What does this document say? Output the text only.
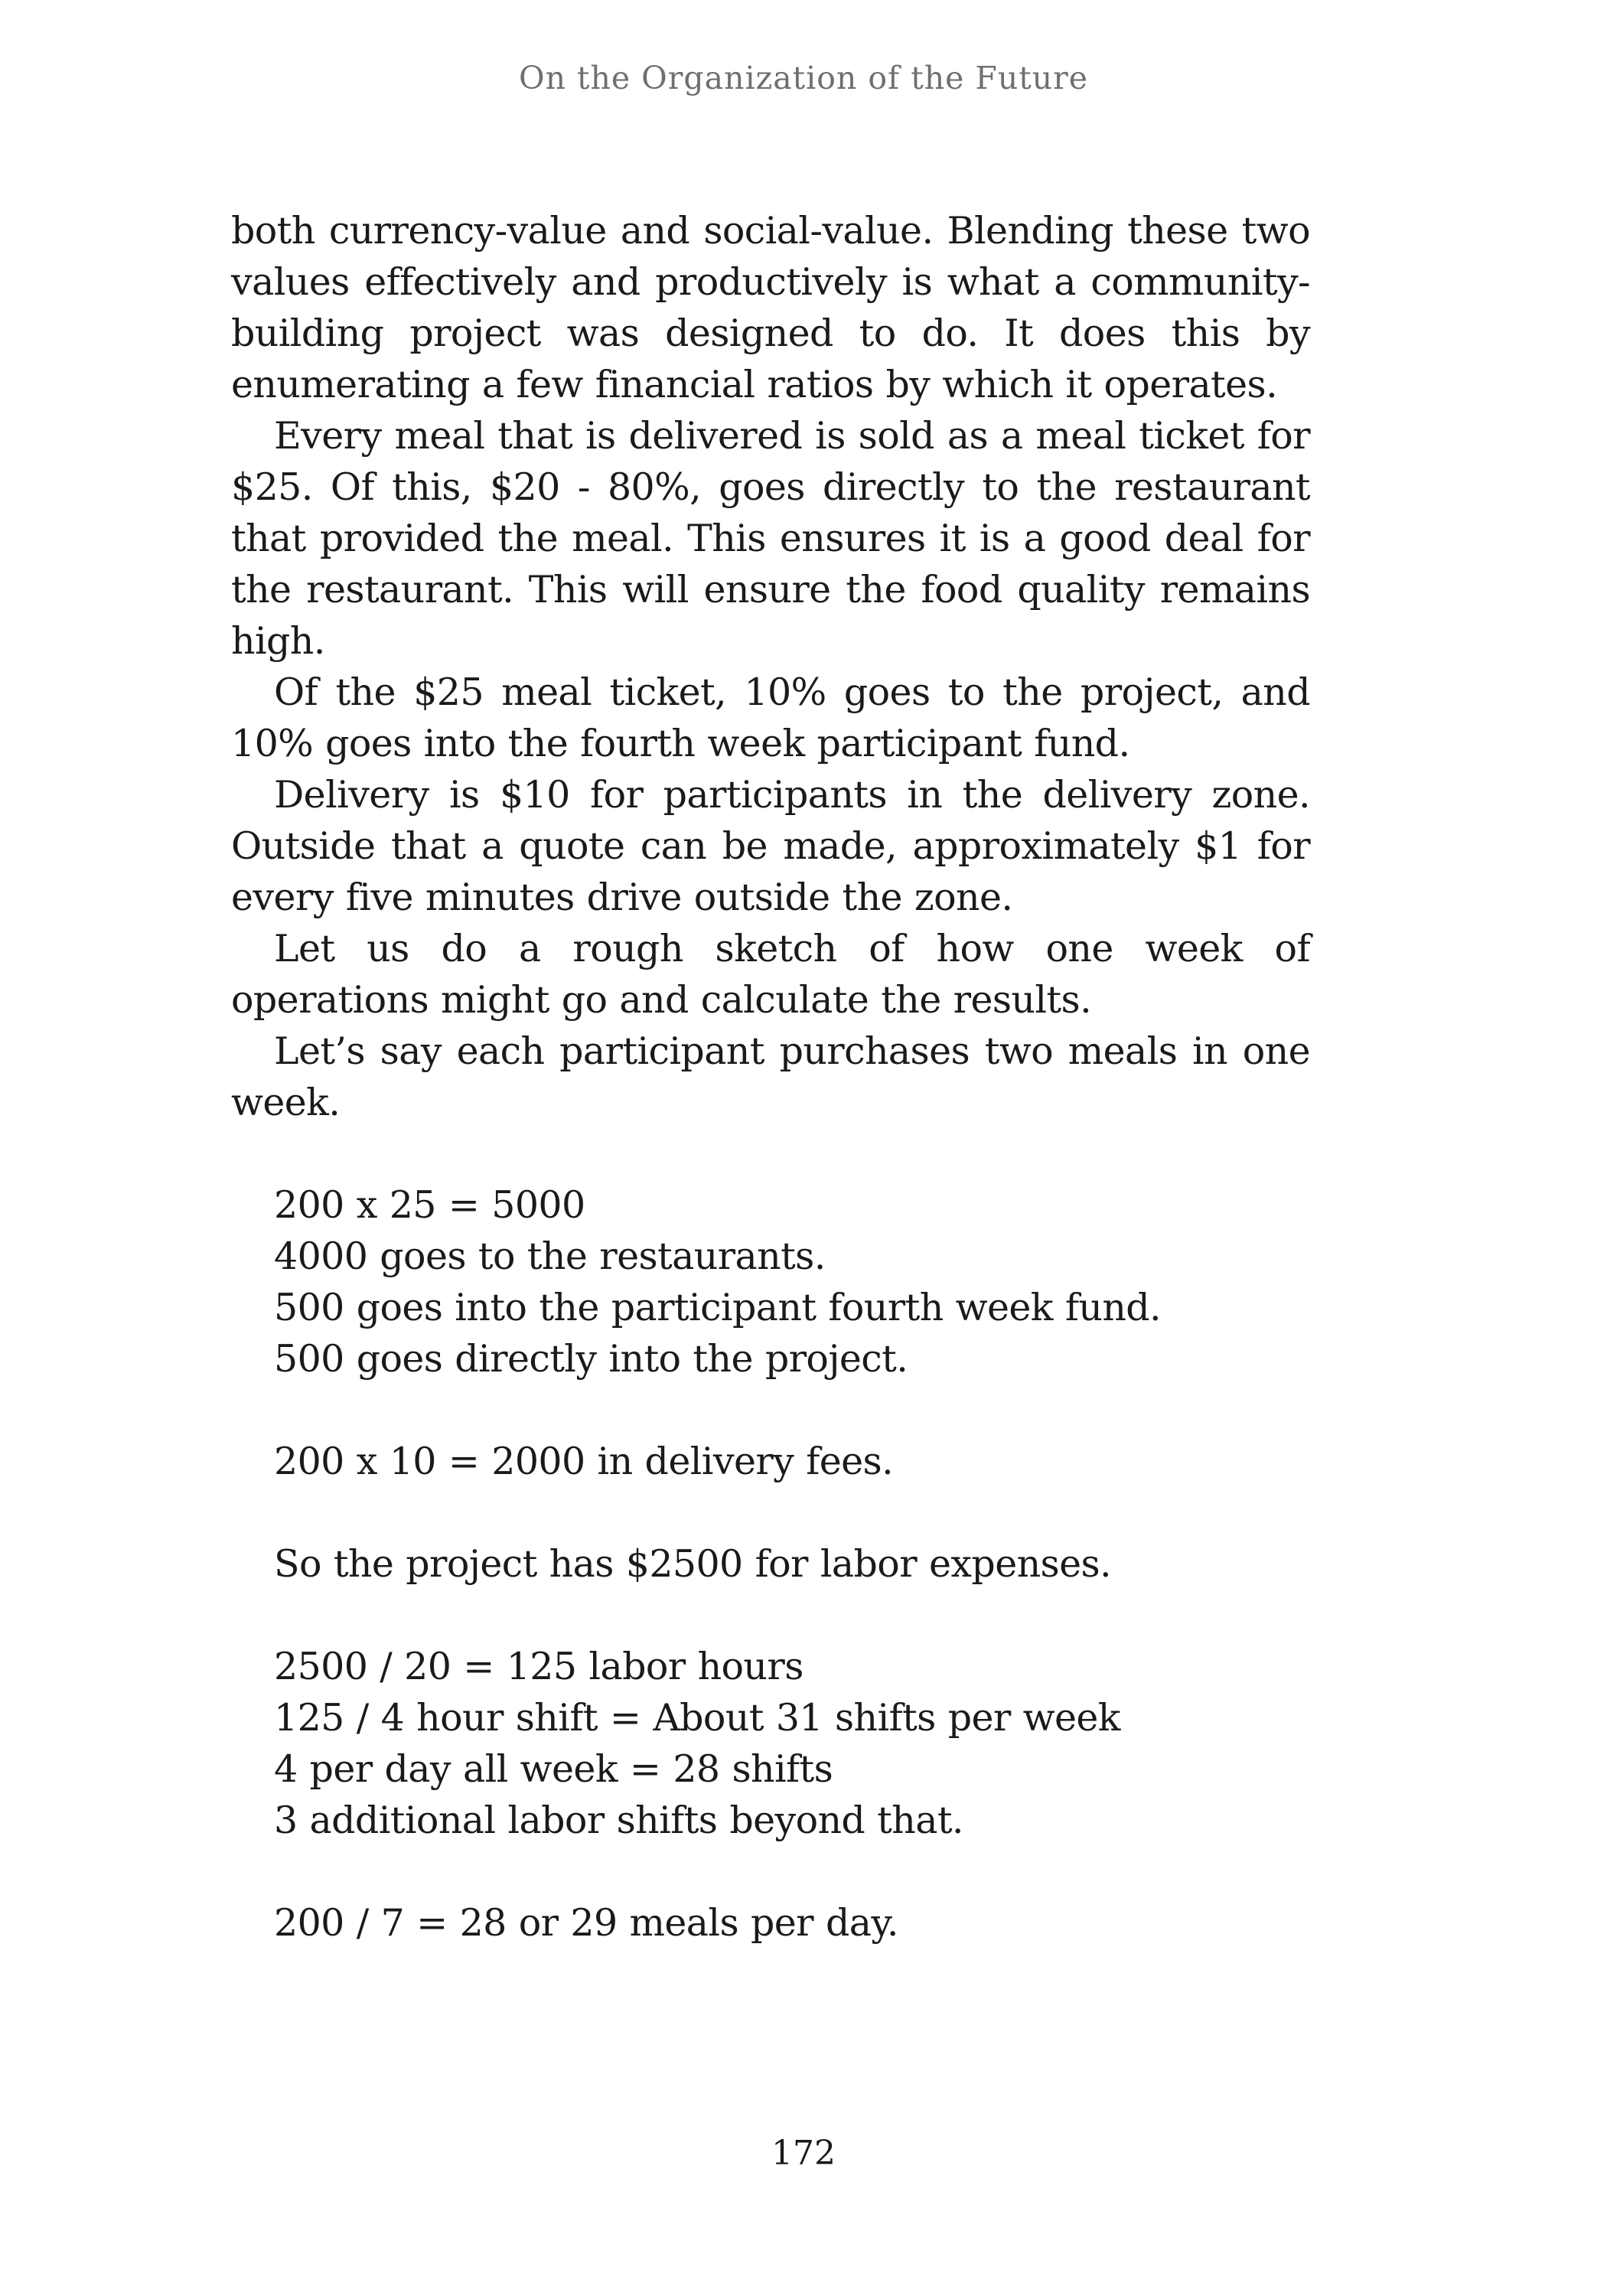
On the Organization of the Future

both currency-value and social-value. Blending these two values effectively and productively is what a community-building project was designed to do. It does this by enumerating a few financial ratios by which it operates.

Every meal that is delivered is sold as a meal ticket for $25. Of this, $20 - 80%, goes directly to the restaurant that provided the meal. This ensures it is a good deal for the restaurant. This will ensure the food quality remains high.

Of the $25 meal ticket, 10% goes to the project, and 10% goes into the fourth week participant fund.

Delivery is $10 for participants in the delivery zone. Outside that a quote can be made, approximately $1 for every five minutes drive outside the zone.

Let us do a rough sketch of how one week of operations might go and calculate the results.

Let’s say each participant purchases two meals in one week.

200 x 25 = 5000
4000 goes to the restaurants.
500 goes into the participant fourth week fund.
500 goes directly into the project.
200 x 10 = 2000 in delivery fees.
So the project has $2500 for labor expenses.
2500 / 20 = 125 labor hours
125 / 4 hour shift = About 31 shifts per week
4 per day all week = 28 shifts
3 additional labor shifts beyond that.
200 / 7 = 28 or 29 meals per day.
172
